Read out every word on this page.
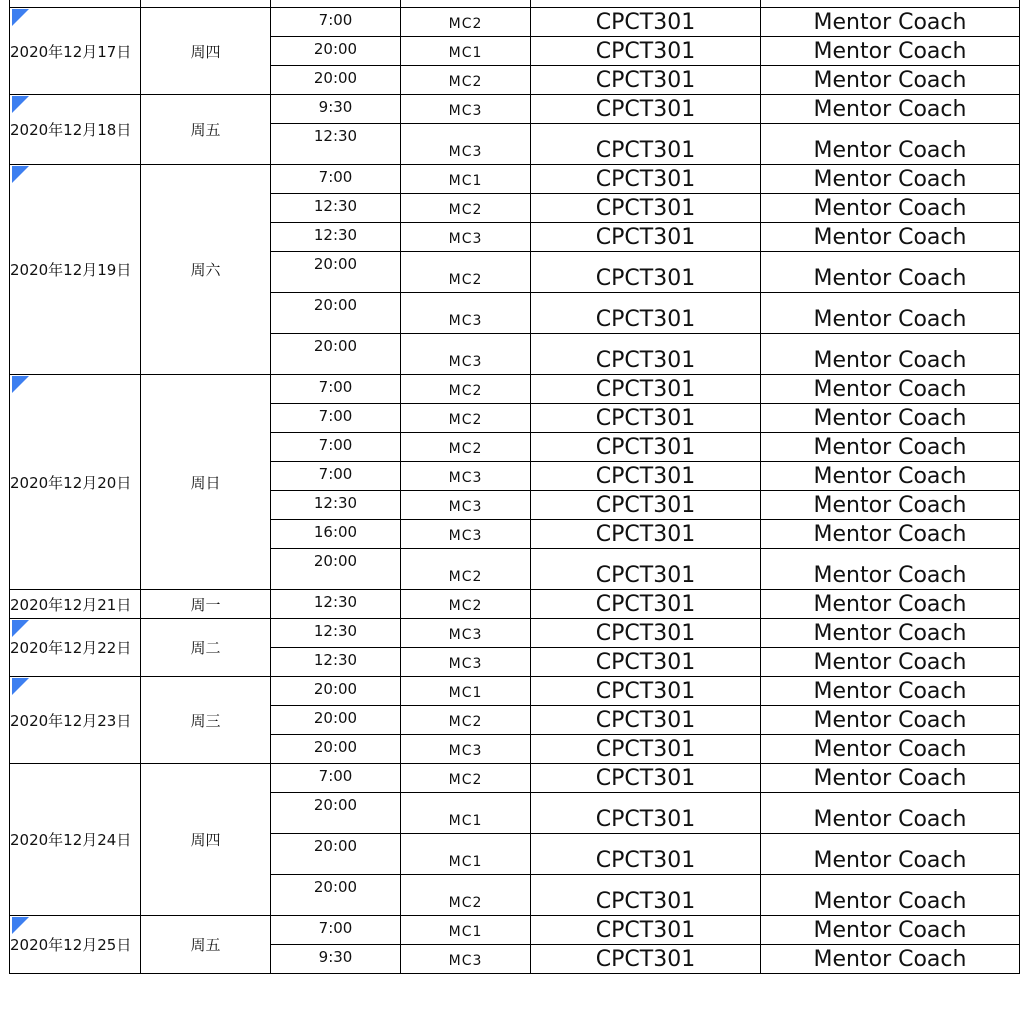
2020年12月17日	周四	7:00	MC2	CPCT301	Mentor Coach
		20:00	MC1	CPCT301	Mentor Coach
		20:00	MC2	CPCT301	Mentor Coach

2020年12月18日	周五	9:30	MC3	CPCT301	Mentor Coach
		12:30	MC3	CPCT301	Mentor Coach

2020年12月19日	周六	7:00	MC1	CPCT301	Mentor Coach
		12:30	MC2	CPCT301	Mentor Coach
		12:30	MC3	CPCT301	Mentor Coach
		20:00	MC2	CPCT301	Mentor Coach
		20:00	MC3	CPCT301	Mentor Coach
		20:00	MC3	CPCT301	Mentor Coach

2020年12月20日	周日	7:00	MC2	CPCT301	Mentor Coach
		7:00	MC2	CPCT301	Mentor Coach
		7:00	MC2	CPCT301	Mentor Coach
		7:00	MC3	CPCT301	Mentor Coach
		12:30	MC3	CPCT301	Mentor Coach
		16:00	MC3	CPCT301	Mentor Coach
		20:00	MC2	CPCT301	Mentor Coach
2020年12月21日	周一	12:30	MC2	CPCT301	Mentor Coach

2020年12月22日	周二	12:30	MC3	CPCT301	Mentor Coach
		12:30	MC3	CPCT301	Mentor Coach

2020年12月23日	周三	20:00	MC1	CPCT301	Mentor Coach
		20:00	MC2	CPCT301	Mentor Coach
		20:00	MC3	CPCT301	Mentor Coach
2020年12月24日	周四	7:00	MC2	CPCT301	Mentor Coach
		20:00	MC1	CPCT301	Mentor Coach
		20:00	MC1	CPCT301	Mentor Coach
		20:00	MC2	CPCT301	Mentor Coach

2020年12月25日	周五	7:00	MC1	CPCT301	Mentor Coach
		9:30	MC3	CPCT301	Mentor Coach
